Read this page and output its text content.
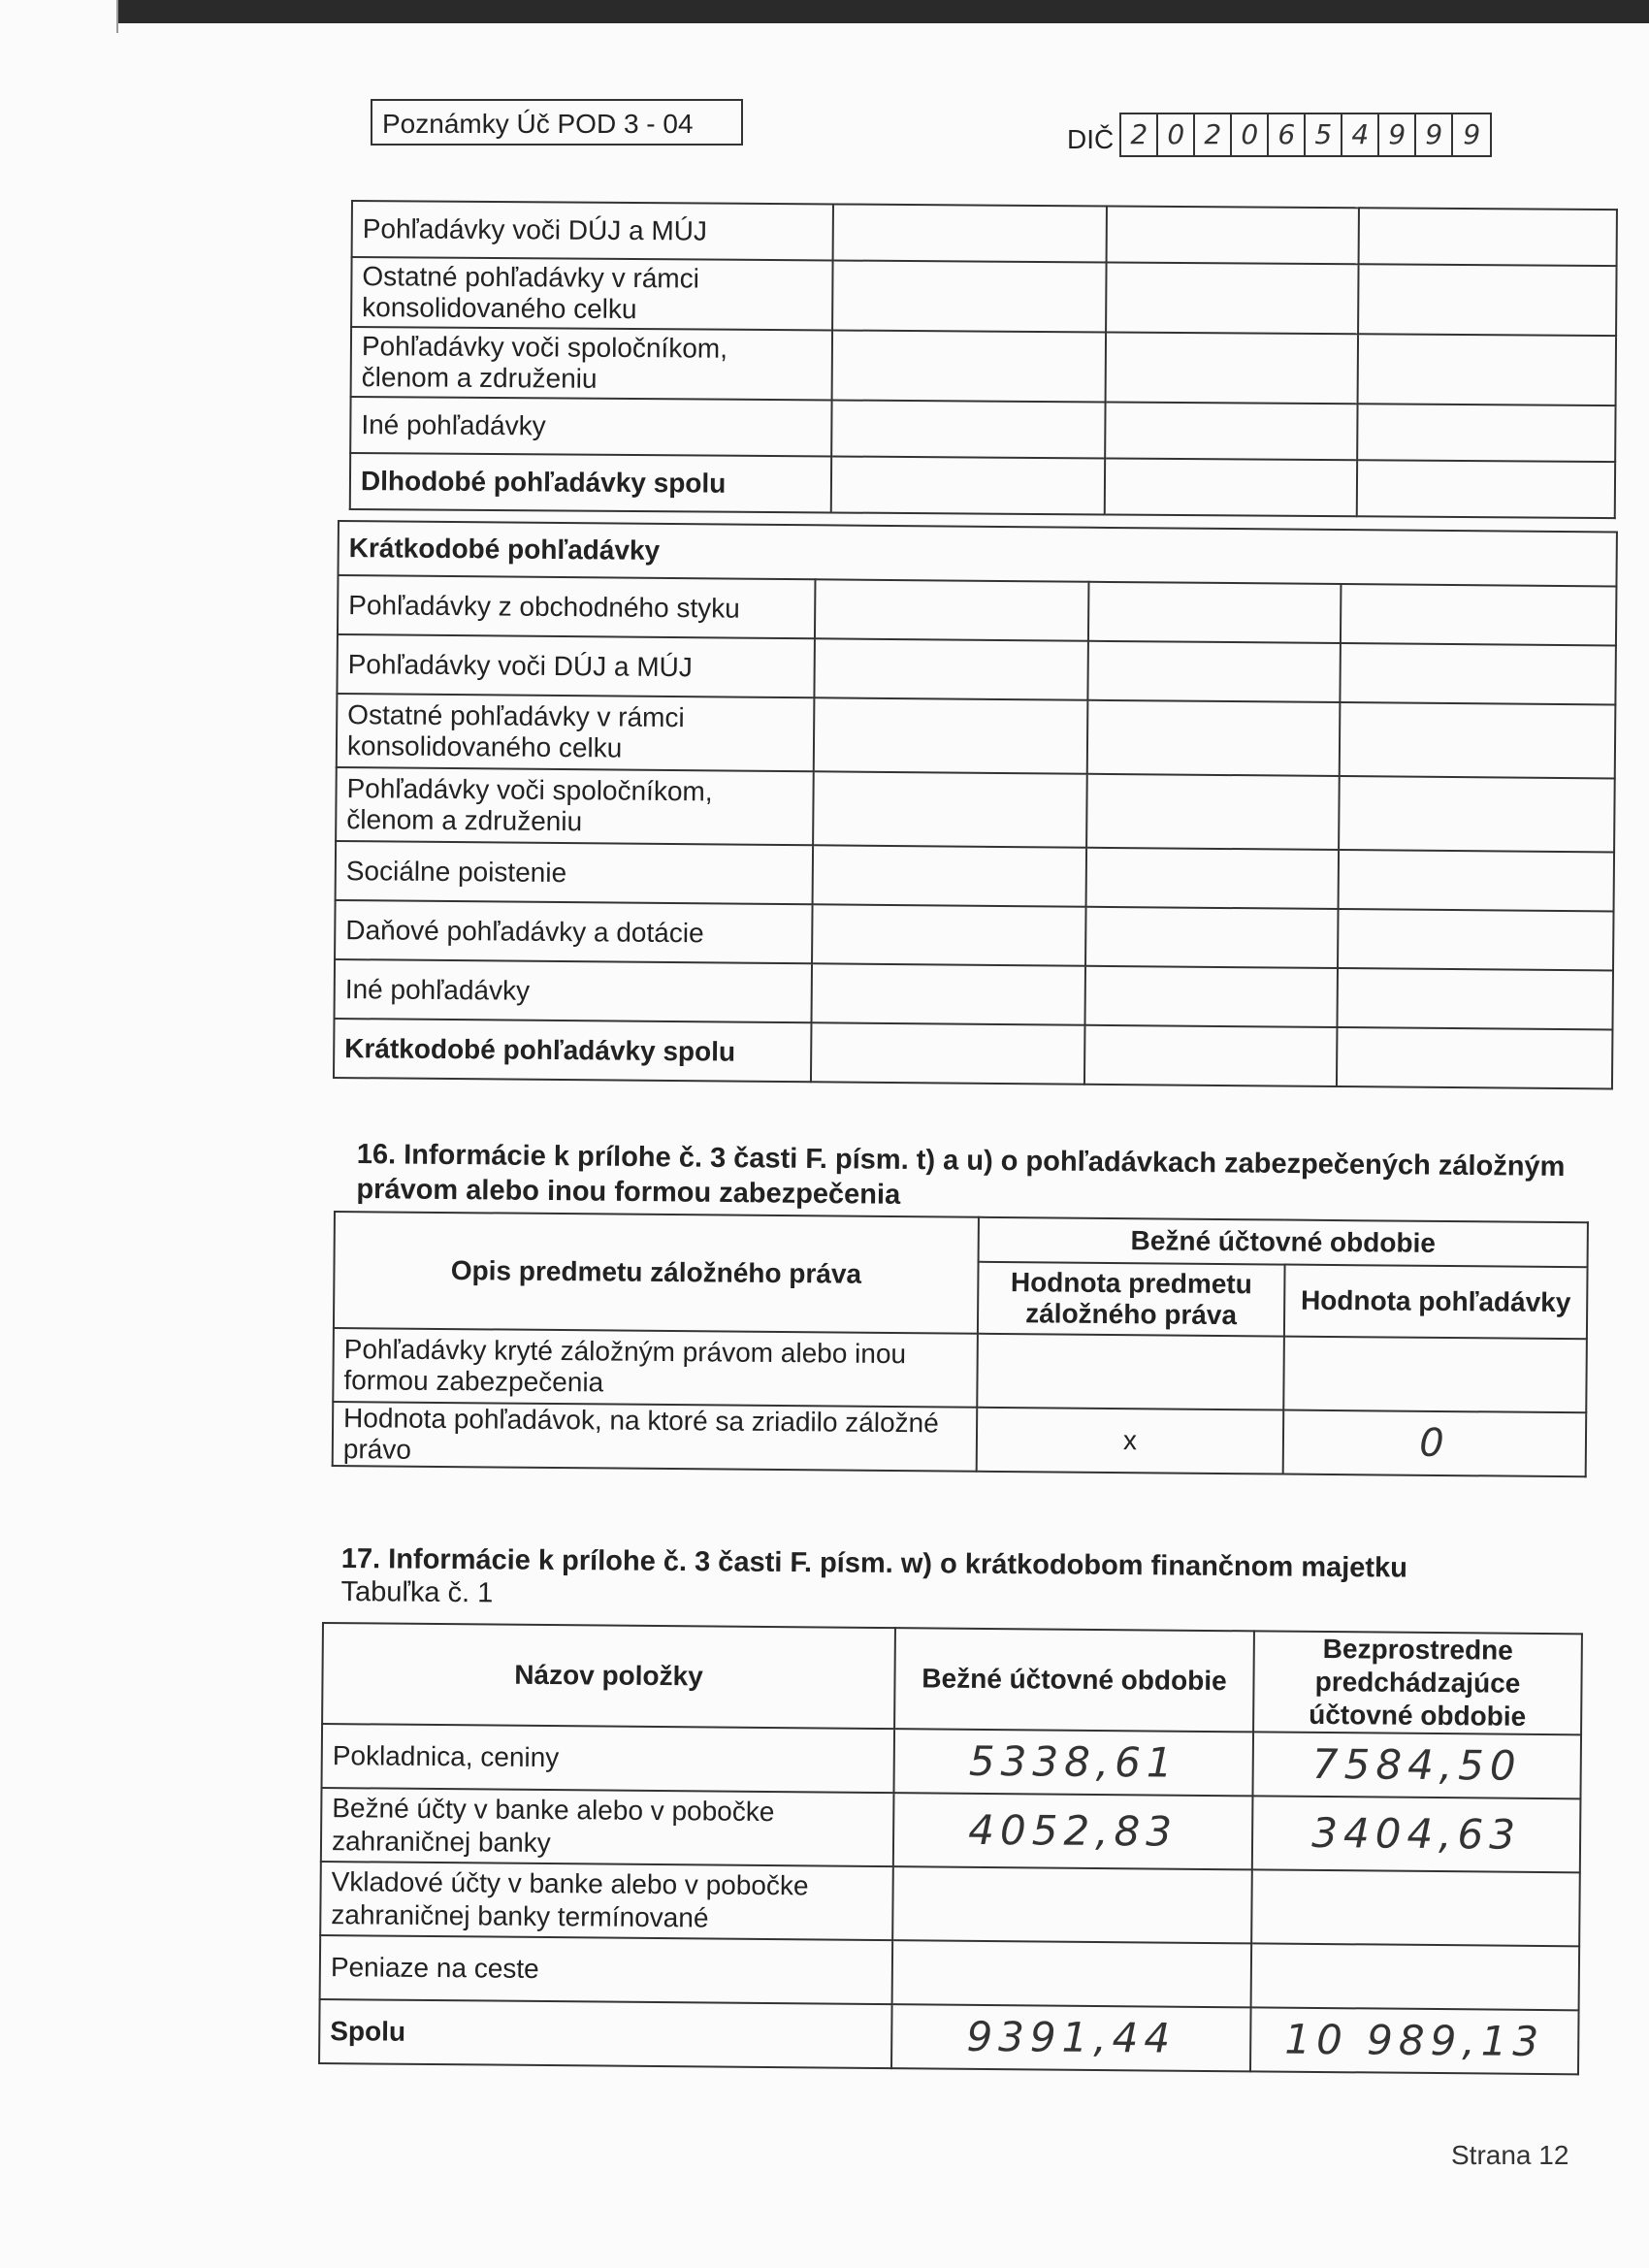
Poznámky Úč POD 3 - 04
DIČ 2 0 2 0 6 5 4 9 9 9
Pohľadávky voči DÚJ a MÚJ			
Ostatné pohľadávky v rámci konsolidovaného celku			
Pohľadávky voči spoločníkom, členom a združeniu			
Iné pohľadávky			
Dlhodobé pohľadávky spolu			
Krátkodobé pohľadávky			
Pohľadávky z obchodného styku			
Pohľadávky voči DÚJ a MÚJ			
Ostatné pohľadávky v rámci konsolidovaného celku			
Pohľadávky voči spoločníkom, členom a združeniu			
Sociálne poistenie			
Daňové pohľadávky a dotácie			
Iné pohľadávky			
Krátkodobé pohľadávky spolu			
16. Informácie k prílohe č. 3 časti F. písm. t) a u) o pohľadávkach zabezpečených záložným právom alebo inou formou zabezpečenia
Opis predmetu záložného práva	Bežné účtovné obdobie	
	Hodnota predmetu záložného práva	Hodnota pohľadávky
Pohľadávky kryté záložným právom alebo inou formou zabezpečenia		
Hodnota pohľadávok, na ktoré sa zriadilo záložné právo	x	0
17. Informácie k prílohe č. 3 časti F. písm. w) o krátkodobom finančnom majetku
Tabuľka č. 1
Názov položky	Bežné účtovné obdobie	Bezprostredne predchádzajúce účtovné obdobie
Pokladnica, ceniny	5338,61	7584,50
Bežné účty v banke alebo v pobočke zahraničnej banky	4052,83	3404,63
Vkladové účty v banke alebo v pobočke zahraničnej banky termínované		
Peniaze na ceste		
Spolu	9391,44	10 989,13
Strana 12
